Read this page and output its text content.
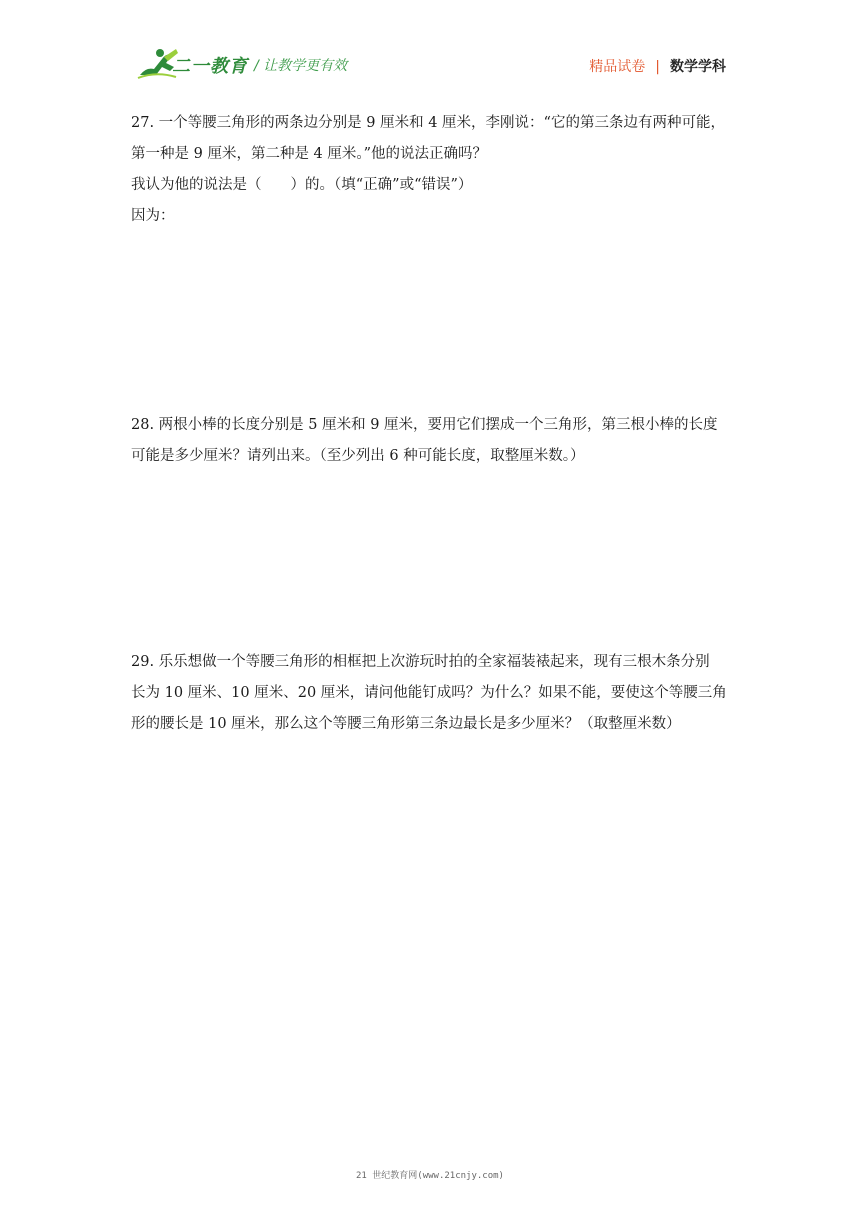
二一教育 / 让教学更有效	精品试卷 | 数学学科

27. 一个等腰三角形的两条边分别是 9 厘米和 4 厘米，李刚说：“它的第三条边有两种可能，

第一种是 9 厘米，第二种是 4 厘米。”他的说法正确吗？

我认为他的说法是（　　）的。（填“正确”或“错误”）

因为：

28. 两根小棒的长度分别是 5 厘米和 9 厘米，要用它们摆成一个三角形，第三根小棒的长度

可能是多少厘米？请列出来。（至少列出 6 种可能长度，取整厘米数。）

29. 乐乐想做一个等腰三角形的相框把上次游玩时拍的全家福装裱起来，现有三根木条分别

长为 10 厘米、10 厘米、20 厘米，请问他能钉成吗？为什么？如果不能，要使这个等腰三角

形的腰长是 10 厘米，那么这个等腰三角形第三条边最长是多少厘米？（取整厘米数）

21 世纪教育网(www.21cnjy.com)
